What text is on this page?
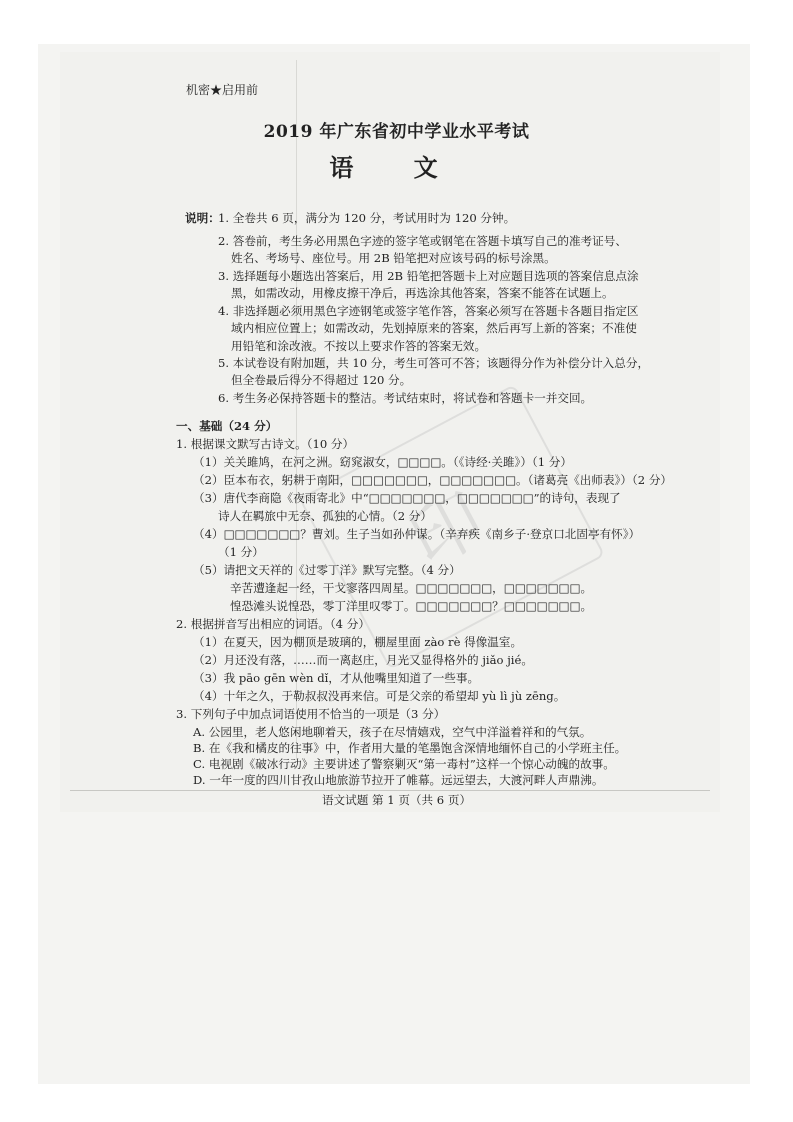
印
机密★启用前
2019 年广东省初中学业水平考试
语 文
说明：
1. 全卷共 6 页，满分为 120 分，考试用时为 120 分钟。
2. 答卷前，考生务必用黑色字迹的签字笔或钢笔在答题卡填写自己的准考证号、
姓名、考场号、座位号。用 2B 铅笔把对应该号码的标号涂黑。
3. 选择题每小题选出答案后，用 2B 铅笔把答题卡上对应题目选项的答案信息点涂
黑，如需改动，用橡皮擦干净后，再选涂其他答案，答案不能答在试题上。
4. 非选择题必须用黑色字迹钢笔或签字笔作答，答案必须写在答题卡各题目指定区
域内相应位置上；如需改动，先划掉原来的答案，然后再写上新的答案；不准使
用铅笔和涂改液。不按以上要求作答的答案无效。
5. 本试卷设有附加题，共 10 分，考生可答可不答；该题得分作为补偿分计入总分，
但全卷最后得分不得超过 120 分。
6. 考生务必保持答题卡的整洁。考试结束时，将试卷和答题卡一并交回。
一、基础（24 分）
1. 根据课文默写古诗文。（10 分）
（1）关关雎鸠，在河之洲。窈窕淑女，□□□□。（《诗经·关雎》）（1 分）
（2）臣本布衣，躬耕于南阳，□□□□□□□，□□□□□□□。（诸葛亮《出师表》）（2 分）
（3）唐代李商隐《夜雨寄北》中“□□□□□□□，□□□□□□□”的诗句，表现了
诗人在羁旅中无奈、孤独的心情。（2 分）
（4）□□□□□□□？曹刘。生子当如孙仲谋。（辛弃疾《南乡子·登京口北固亭有怀》）
（1 分）
（5）请把文天祥的《过零丁洋》默写完整。（4 分）
辛苦遭逢起一经，干戈寥落四周星。□□□□□□□，□□□□□□□。
惶恐滩头说惶恐，零丁洋里叹零丁。□□□□□□□？□□□□□□□。
2. 根据拼音写出相应的词语。（4 分）
（1）在夏天，因为棚顶是玻璃的，棚屋里面 zào rè 得像温室。
（2）月还没有落，……而一离赵庄，月光又显得格外的 jiǎo jié。
（3）我 pāo gēn wèn dǐ，才从他嘴里知道了一些事。
（4）十年之久，于勒叔叔没再来信。可是父亲的希望却 yù lì jù zēng。
3. 下列句子中加点词语使用不恰当的一项是（3 分）
A. 公园里，老人悠闲地聊着天，孩子在尽情嬉戏，空气中洋溢着祥和的气氛。
B. 在《我和橘皮的往事》中，作者用大量的笔墨饱含深情地缅怀自己的小学班主任。
C. 电视剧《破冰行动》主要讲述了警察剿灭“第一毒村”这样一个惊心动魄的故事。
D. 一年一度的四川甘孜山地旅游节拉开了帷幕。远远望去，大渡河畔人声鼎沸。
语文试题 第 1 页（共 6 页）
